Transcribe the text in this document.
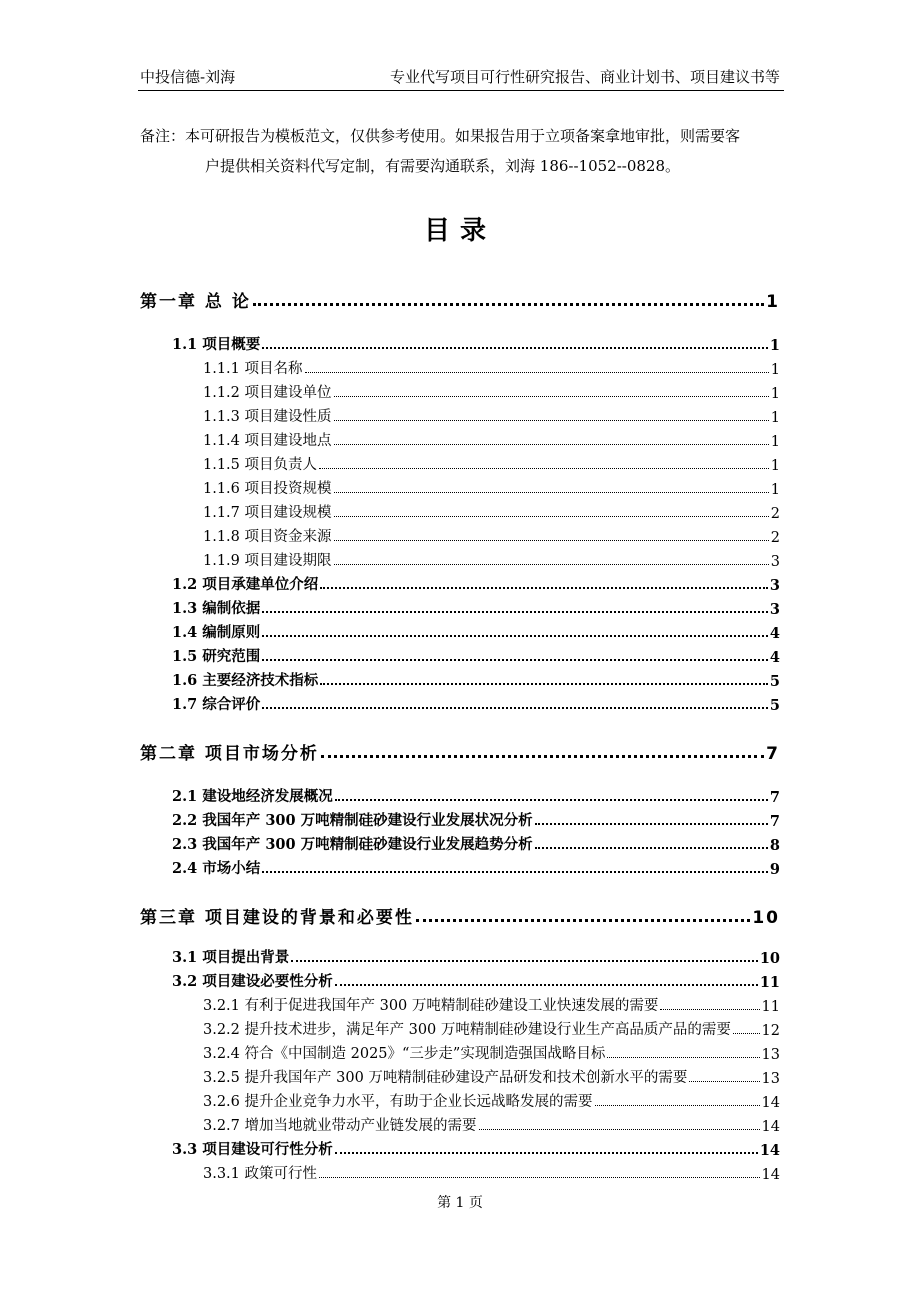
中投信德-刘海	专业代写项目可行性研究报告、商业计划书、项目建议书等
备注：本可研报告为模板范文，仅供参考使用。如果报告用于立项备案拿地审批，则需要客
户提供相关资料代写定制，有需要沟通联系，刘海 186--1052--0828。
目录
第一章 总 论	1
1.1 项目概要	1
1.1.1 项目名称	1
1.1.2 项目建设单位	1
1.1.3 项目建设性质	1
1.1.4 项目建设地点	1
1.1.5 项目负责人	1
1.1.6 项目投资规模	1
1.1.7 项目建设规模	2
1.1.8 项目资金来源	2
1.1.9 项目建设期限	3
1.2 项目承建单位介绍	3
1.3 编制依据	3
1.4 编制原则	4
1.5 研究范围	4
1.6 主要经济技术指标	5
1.7 综合评价	5
第二章 项目市场分析	7
2.1 建设地经济发展概况	7
2.2 我国年产 300 万吨精制硅砂建设行业发展状况分析	7
2.3 我国年产 300 万吨精制硅砂建设行业发展趋势分析	8
2.4 市场小结	9
第三章 项目建设的背景和必要性	10
3.1 项目提出背景	10
3.2 项目建设必要性分析	11
3.2.1 有利于促进我国年产 300 万吨精制硅砂建设工业快速发展的需要	11
3.2.2 提升技术进步，满足年产 300 万吨精制硅砂建设行业生产高品质产品的需要 12
3.2.4 符合《中国制造 2025》“三步走”实现制造强国战略目标	13
3.2.5 提升我国年产 300 万吨精制硅砂建设产品研发和技术创新水平的需要	13
3.2.6 提升企业竞争力水平，有助于企业长远战略发展的需要	14
3.2.7 增加当地就业带动产业链发展的需要	14
3.3 项目建设可行性分析	14
3.3.1 政策可行性	14
第 1 页
